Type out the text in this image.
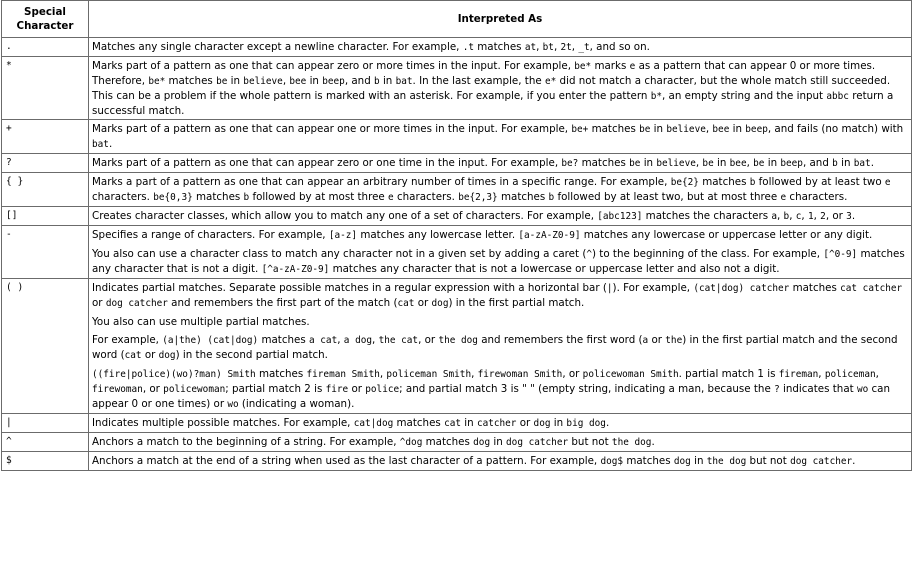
Special Character	Interpreted As
.	Matches any single character except a newline character. For example, .t matches at, bt, 2t, _t, and so on.

*	Marks part of a pattern as one that can appear zero or more times in the input. For example, be* marks e as a pattern that can appear 0 or more times. Therefore, be* matches be in believe, bee in beep, and b in bat. In the last example, the e* did not match a character, but the whole match still succeeded. This can be a problem if the whole pattern is marked with an asterisk. For example, if you enter the pattern b*, an empty string and the input abbc return a successful match.

+	Marks part of a pattern as one that can appear one or more times in the input. For example, be+ matches be in believe, bee in beep, and fails (no match) with bat.

?	Marks part of a pattern as one that can appear zero or one time in the input. For example, be? matches be in believe, be in bee, be in beep, and b in bat.

{ }	Marks a part of a pattern as one that can appear an arbitrary number of times in a specific range. For example, be{2} matches b followed by at least two e characters. be{0,3} matches b followed by at most three e characters. be{2,3} matches b followed by at least two, but at most three e characters.

[]	Creates character classes, which allow you to match any one of a set of characters. For example, [abc123] matches the characters a, b, c, 1, 2, or 3.

-	Specifies a range of characters. For example, [a-z] matches any lowercase letter. [a-zA-Z0-9] matches any lowercase or uppercase letter or any digit.

You also can use a character class to match any character not in a given set by adding a caret (^) to the beginning of the class. For example, [^0-9] matches any character that is not a digit. [^a-zA-Z0-9] matches any character that is not a lowercase or uppercase letter and also not a digit.

( )	Indicates partial matches. Separate possible matches in a regular expression with a horizontal bar (|). For example, (cat|dog) catcher matches cat catcher or dog catcher and remembers the first part of the match (cat or dog) in the first partial match.

You also can use multiple partial matches.

For example, (a|the) (cat|dog) matches a cat, a dog, the cat, or the dog and remembers the first word (a or the) in the first partial match and the second word (cat or dog) in the second partial match.

((fire|police)(wo)?man) Smith matches fireman Smith, policeman Smith, firewoman Smith, or policewoman Smith. partial match 1 is fireman, policeman, firewoman, or policewoman; partial match 2 is fire or police; and partial match 3 is " " (empty string, indicating a man, because the ? indicates that wo can appear 0 or one times) or wo (indicating a woman).

|	Indicates multiple possible matches. For example, cat|dog matches cat in catcher or dog in big dog.

^	Anchors a match to the beginning of a string. For example, ^dog matches dog in dog catcher but not the dog.

$	Anchors a match at the end of a string when used as the last character of a pattern. For example, dog$ matches dog in the dog but not dog catcher.
